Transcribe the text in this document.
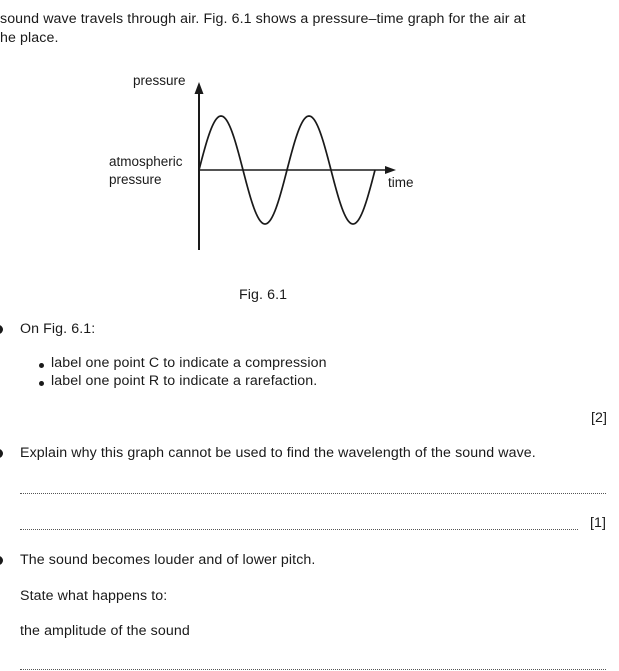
sound wave travels through air. Fig. 6.1 shows a pressure–time graph for the air at
he place.
pressure
atmospheric
pressure	time
Fig. 6.1
On Fig. 6.1:
label one point C to indicate a compression
label one point R to indicate a rarefaction.
[2]
Explain why this graph cannot be used to find the wavelength of the sound wave.
[1]
The sound becomes louder and of lower pitch.
State what happens to:
the amplitude of the sound
